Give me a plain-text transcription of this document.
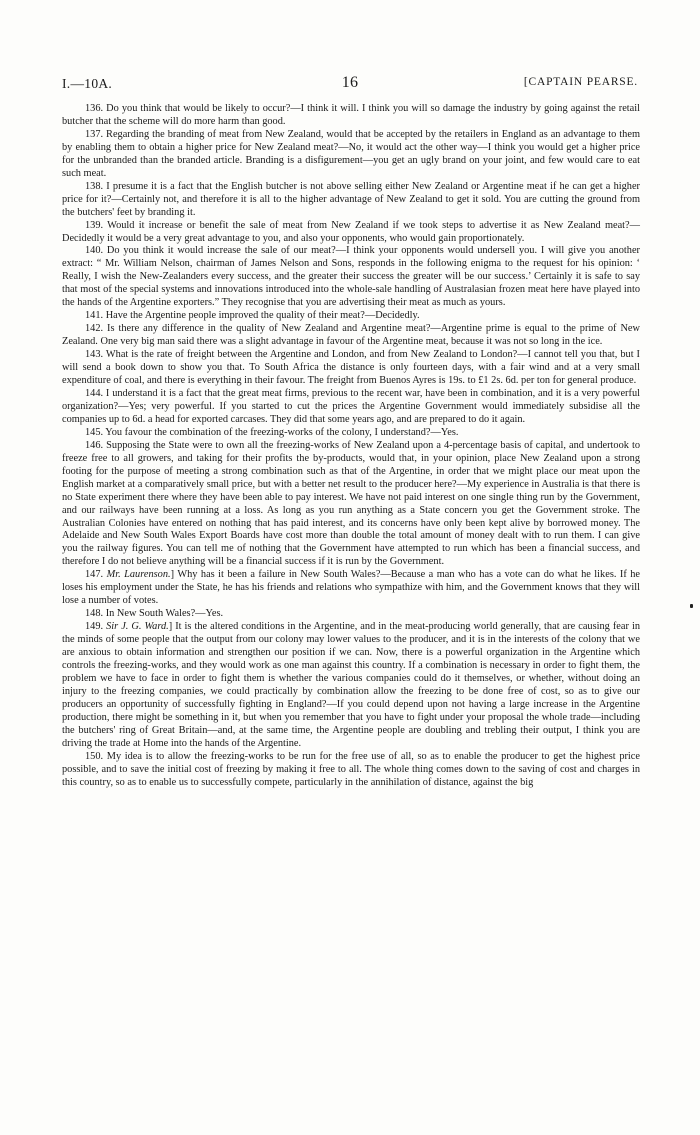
I.—10A.	16	[CAPTAIN PEARSE.

136. Do you think that would be likely to occur?—I think it will. I think you will so damage the industry by going against the retail butcher that the scheme will do more harm than good.

137. Regarding the branding of meat from New Zealand, would that be accepted by the retailers in England as an advantage to them by enabling them to obtain a higher price for New Zealand meat?—No, it would act the other way—I think you would get a higher price for the unbranded than the branded article. Branding is a disfigurement—you get an ugly brand on your joint, and few would care to eat such meat.

138. I presume it is a fact that the English butcher is not above selling either New Zealand or Argentine meat if he can get a higher price for it?—Certainly not, and therefore it is all to the higher advantage of New Zealand to get it sold. You are cutting the ground from the butchers' feet by branding it.

139. Would it increase or benefit the sale of meat from New Zealand if we took steps to advertise it as New Zealand meat?—Decidedly it would be a very great advantage to you, and also your opponents, who would gain proportionately.

140. Do you think it would increase the sale of our meat?—I think your opponents would undersell you. I will give you another extract: “ Mr. William Nelson, chairman of James Nelson and Sons, responds in the following enigma to the request for his opinion: ‘ Really, I wish the New-Zealanders every success, and the greater their success the greater will be our success.’ Certainly it is safe to say that most of the special systems and innovations introduced into the whole-sale handling of Australasian frozen meat here have played into the hands of the Argentine exporters.” They recognise that you are advertising their meat as much as yours.

141. Have the Argentine people improved the quality of their meat?—Decidedly.

142. Is there any difference in the quality of New Zealand and Argentine meat?—Argentine prime is equal to the prime of New Zealand. One very big man said there was a slight advantage in favour of the Argentine meat, because it was not so long in the ice.

143. What is the rate of freight between the Argentine and London, and from New Zealand to London?—I cannot tell you that, but I will send a book down to show you that. To South Africa the distance is only fourteen days, with a fair wind and at a very small expenditure of coal, and there is everything in their favour. The freight from Buenos Ayres is 19s. to £1 2s. 6d. per ton for general produce.

144. I understand it is a fact that the great meat firms, previous to the recent war, have been in combination, and it is a very powerful organization?—Yes; very powerful. If you started to cut the prices the Argentine Government would immediately subsidise all the companies up to 6d. a head for exported carcases. They did that some years ago, and are prepared to do it again.

145. You favour the combination of the freezing-works of the colony, I understand?—Yes.

146. Supposing the State were to own all the freezing-works of New Zealand upon a 4-percentage basis of capital, and undertook to freeze free to all growers, and taking for their profits the by-products, would that, in your opinion, place New Zealand upon a strong footing for the purpose of meeting a strong combination such as that of the Argentine, in order that we might place our meat upon the English market at a comparatively small price, but with a better net result to the producer here?—My experience in Australia is that there is no State experiment there where they have been able to pay interest. We have not paid interest on one single thing run by the Government, and our railways have been running at a loss. As long as you run anything as a State concern you get the Government stroke. The Australian Colonies have entered on nothing that has paid interest, and its concerns have only been kept alive by borrowed money. The Adelaide and New South Wales Export Boards have cost more than double the total amount of money dealt with to run them. I can give you the railway figures. You can tell me of nothing that the Government have attempted to run which has been a financial success, and therefore I do not believe anything will be a financial success if it is run by the Government.

147. Mr. Laurenson.] Why has it been a failure in New South Wales?—Because a man who has a vote can do what he likes. If he loses his employment under the State, he has his friends and relations who sympathize with him, and the Government knows that they will lose a number of votes.

148. In New South Wales?—Yes.

149. Sir J. G. Ward.] It is the altered conditions in the Argentine, and in the meat-producing world generally, that are causing fear in the minds of some people that the output from our colony may lower values to the producer, and it is in the interests of the colony that we are anxious to obtain information and strengthen our position if we can. Now, there is a powerful organization in the Argentine which controls the freezing-works, and they would work as one man against this country. If a combination is necessary in order to fight them, the problem we have to face in order to fight them is whether the various companies could do it themselves, or whether, without doing an injury to the freezing companies, we could practically by combination allow the freezing to be done free of cost, so as to give our producers an opportunity of successfully fighting in England?—If you could depend upon not having a large increase in the Argentine production, there might be something in it, but when you remember that you have to fight under your proposal the whole trade—including the butchers' ring of Great Britain—and, at the same time, the Argentine people are doubling and trebling their output, I think you are driving the trade at Home into the hands of the Argentine.

150. My idea is to allow the freezing-works to be run for the free use of all, so as to enable the producer to get the highest price possible, and to save the initial cost of freezing by making it free to all. The whole thing comes down to the saving of cost and charges in this country, so as to enable us to successfully compete, particularly in the annihilation of distance, against the big
